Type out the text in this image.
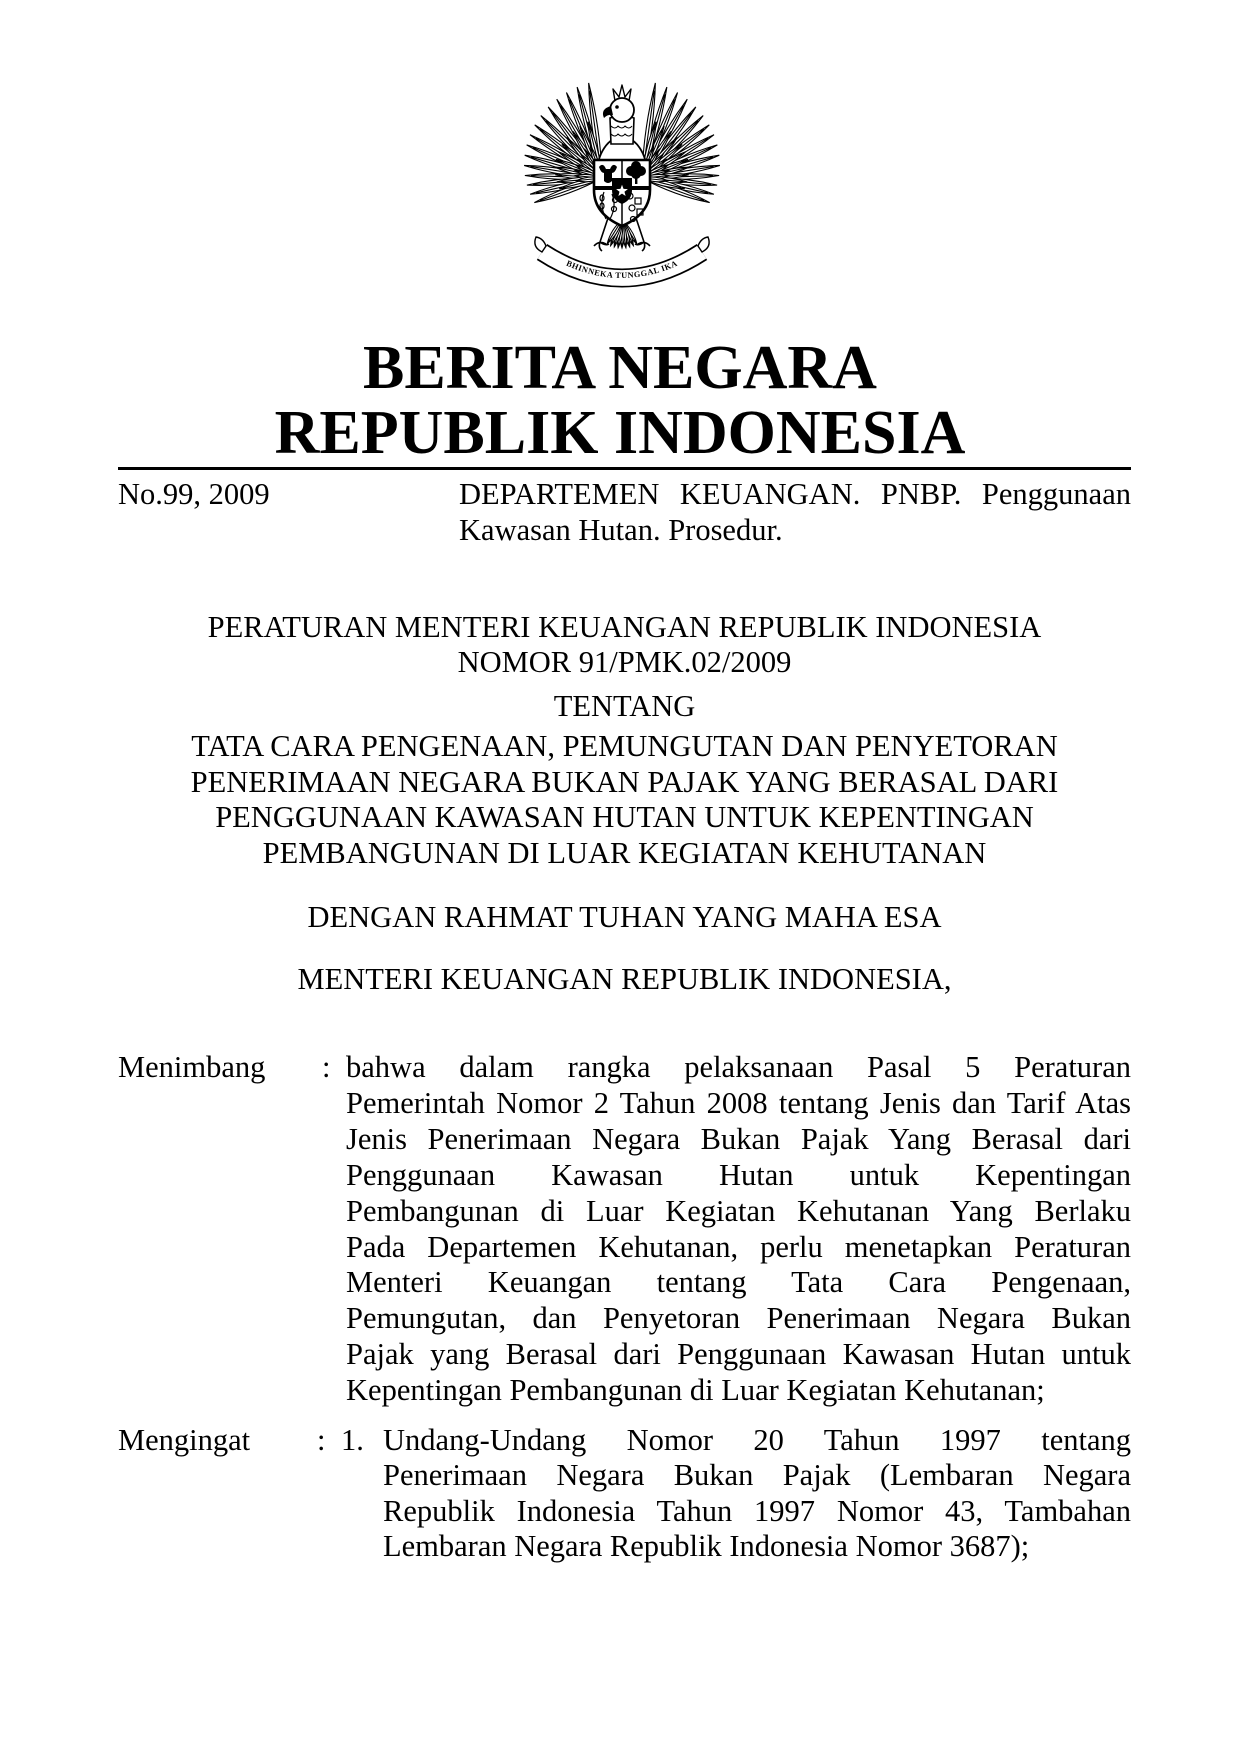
BHINNEKA TUNGGAL IKA
BERITA NEGARA
REPUBLIK INDONESIA
No.99, 2009	DEPARTEMEN KEUANGAN. PNBP. Penggunaan
Kawasan Hutan. Prosedur.
PERATURAN MENTERI KEUANGAN REPUBLIK INDONESIA
NOMOR 91/PMK.02/2009
TENTANG
TATA CARA PENGENAAN, PEMUNGUTAN DAN PENYETORAN
PENERIMAAN NEGARA BUKAN PAJAK YANG BERASAL DARI
PENGGUNAAN KAWASAN HUTAN UNTUK KEPENTINGAN
PEMBANGUNAN DI LUAR KEGIATAN KEHUTANAN
DENGAN RAHMAT TUHAN YANG MAHA ESA
MENTERI KEUANGAN REPUBLIK INDONESIA,
Menimbang : bahwa dalam rangka pelaksanaan Pasal 5 Peraturan
Pemerintah Nomor 2 Tahun 2008 tentang Jenis dan Tarif Atas
Jenis Penerimaan Negara Bukan Pajak Yang Berasal dari
Penggunaan Kawasan Hutan untuk Kepentingan
Pembangunan di Luar Kegiatan Kehutanan Yang Berlaku
Pada Departemen Kehutanan, perlu menetapkan Peraturan
Menteri Keuangan tentang Tata Cara Pengenaan,
Pemungutan, dan Penyetoran Penerimaan Negara Bukan
Pajak yang Berasal dari Penggunaan Kawasan Hutan untuk
Kepentingan Pembangunan di Luar Kegiatan Kehutanan;
Mengingat : 1. Undang-Undang Nomor 20 Tahun 1997 tentang
Penerimaan Negara Bukan Pajak (Lembaran Negara
Republik Indonesia Tahun 1997 Nomor 43, Tambahan
Lembaran Negara Republik Indonesia Nomor 3687);
